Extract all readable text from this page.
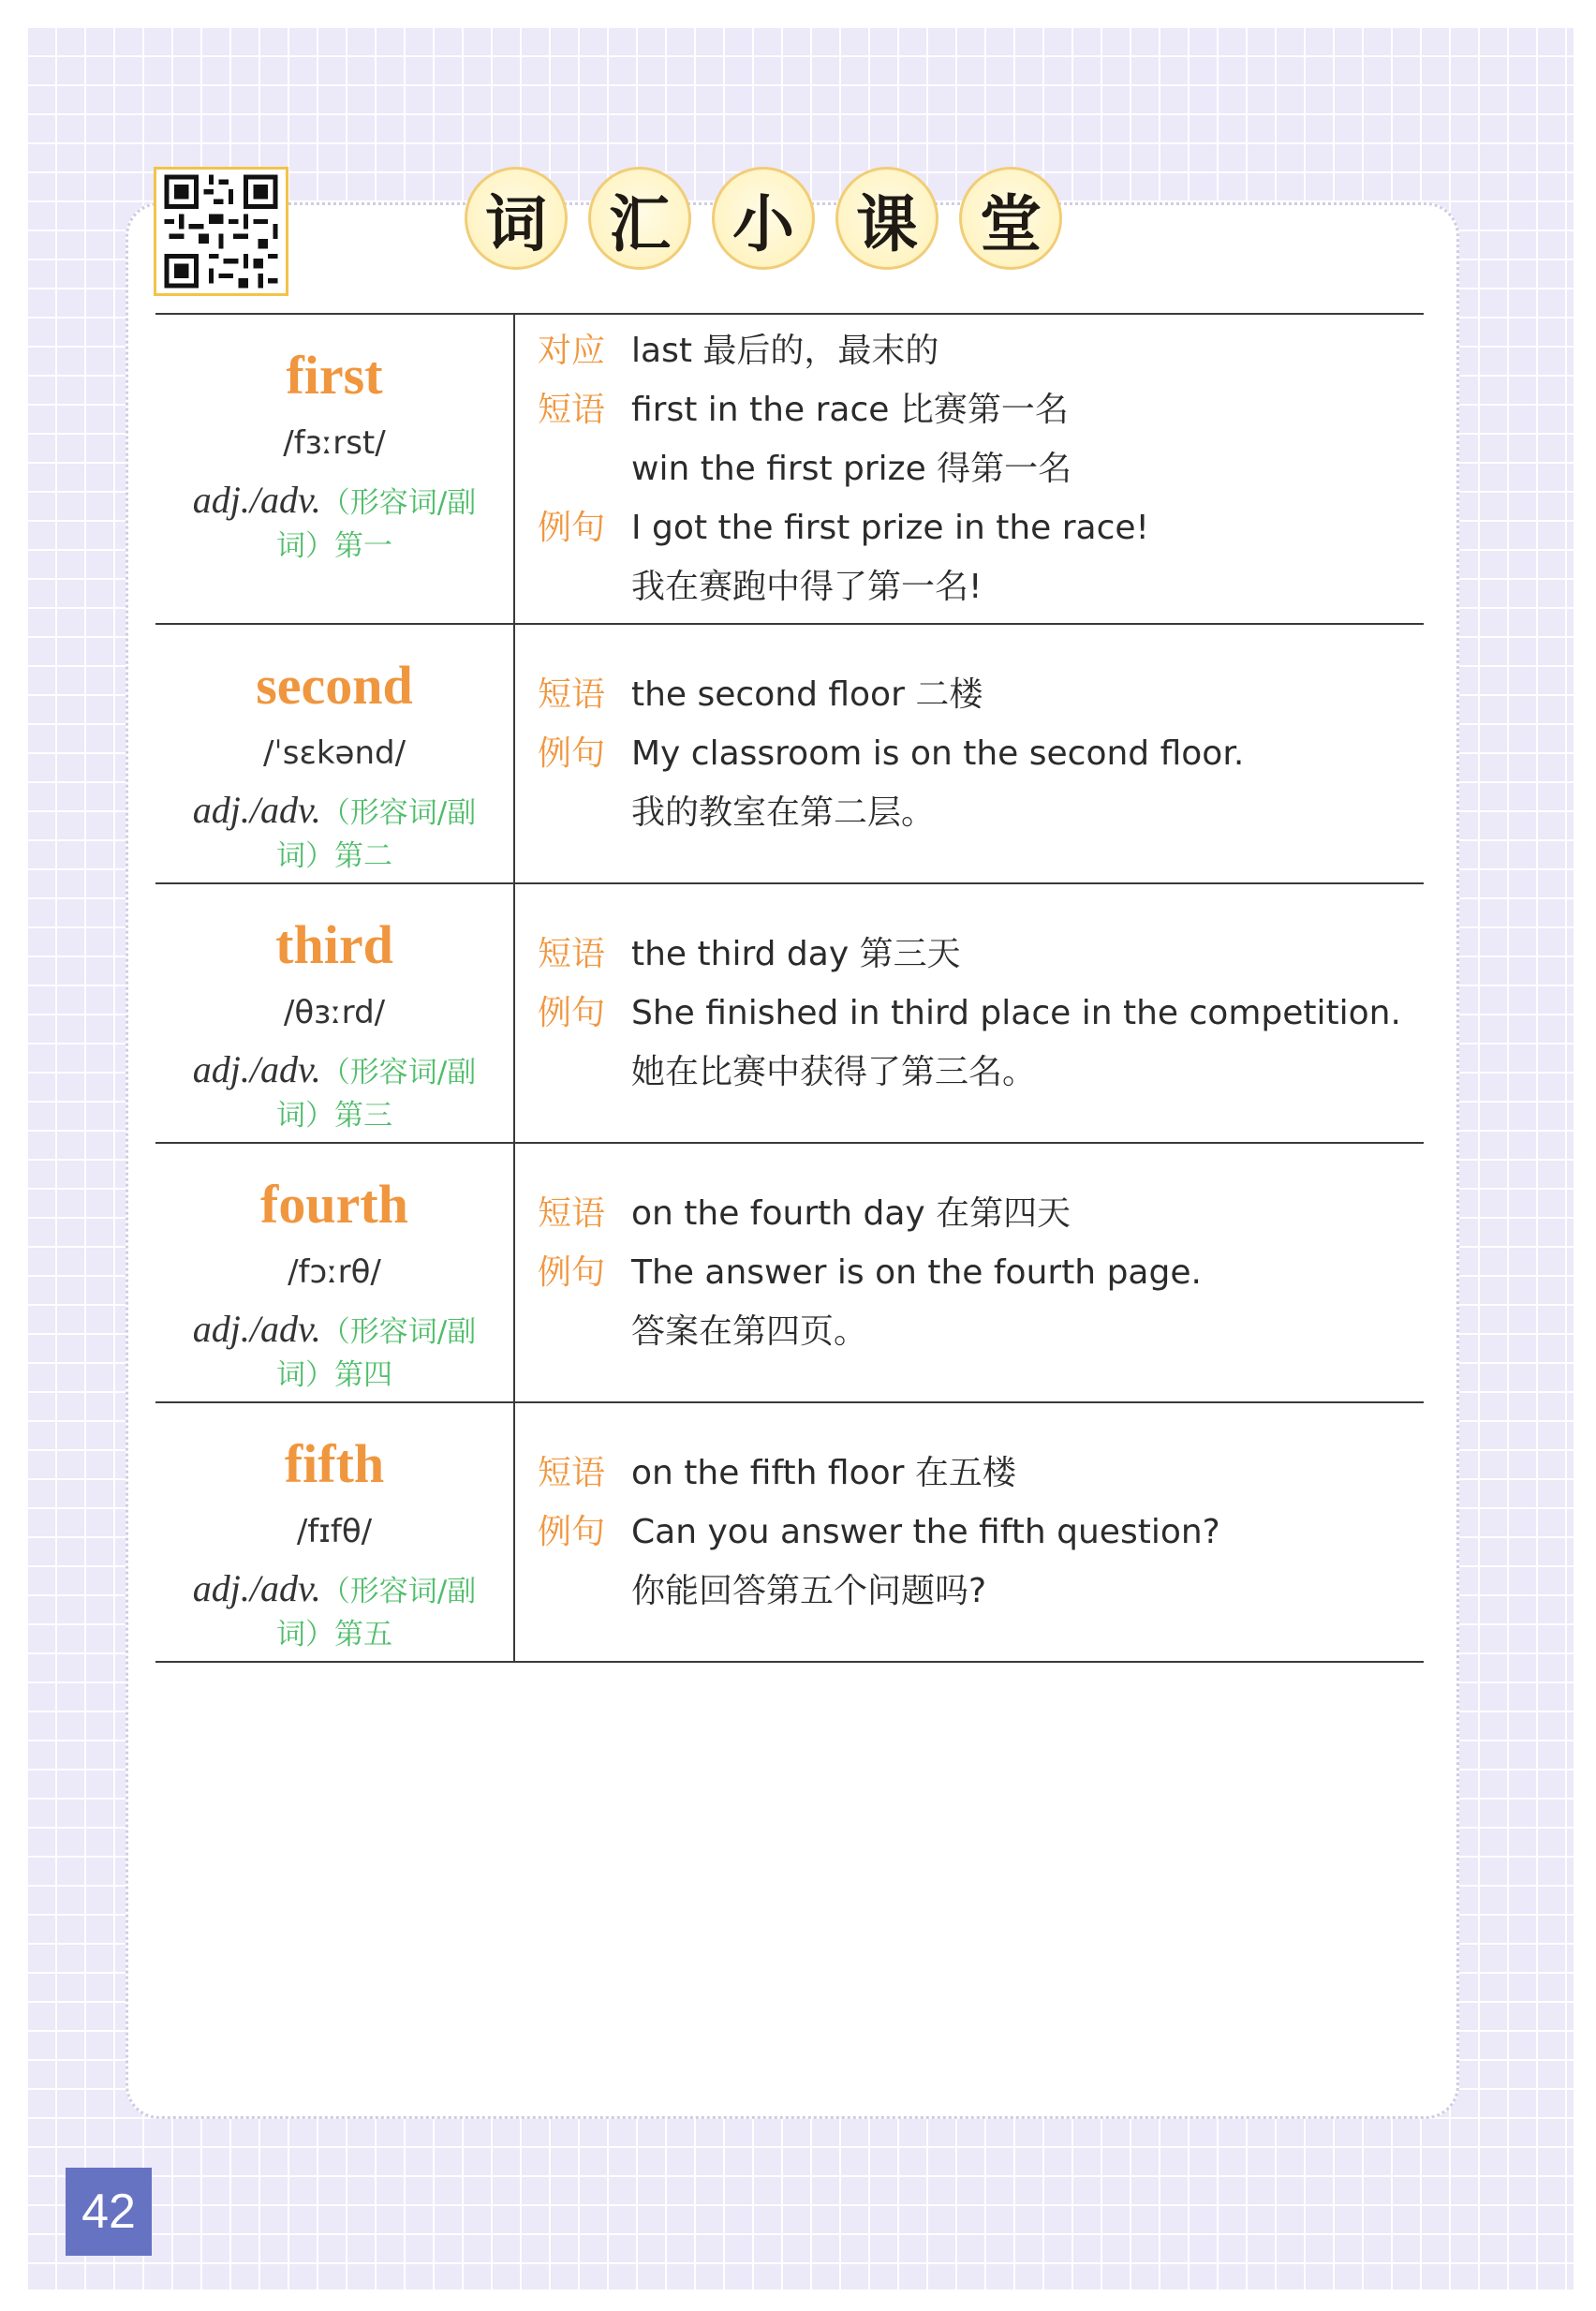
词	汇	小	课	堂
first
/fɜːrst/
adj./adv.（形容词/副
词）第一
对应 last 最后的，最末的
短语 first in the race 比赛第一名
win the first prize 得第一名
例句 I got the first prize in the race!
我在赛跑中得了第一名!
second
/ˈsɛkənd/
adj./adv.（形容词/副
词）第二
短语 the second floor 二楼
例句 My classroom is on the second floor.
我的教室在第二层。
third
/θɜːrd/
adj./adv.（形容词/副
词）第三
短语 the third day 第三天
例句 She finished in third place in the competition.
她在比赛中获得了第三名。
fourth
/fɔːrθ/
adj./adv.（形容词/副
词）第四
短语 on the fourth day 在第四天
例句 The answer is on the fourth page.
答案在第四页。
fifth
/fɪfθ/
adj./adv.（形容词/副
词）第五
短语 on the fifth floor 在五楼
例句 Can you answer the fifth question?
你能回答第五个问题吗?
42
